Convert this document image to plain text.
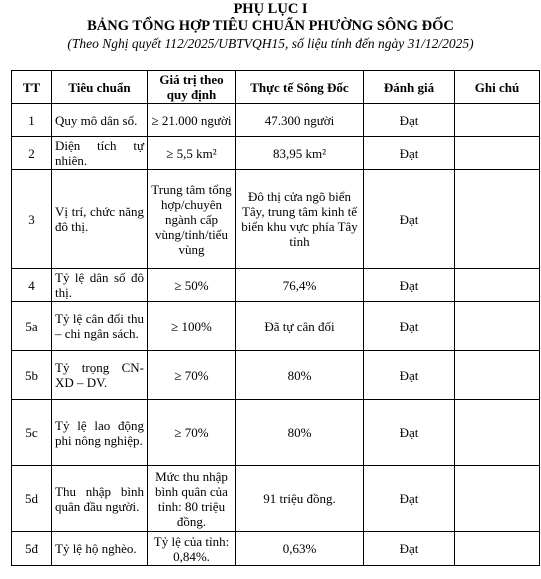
PHỤ LỤC I
BẢNG TỔNG HỢP TIÊU CHUẨN PHƯỜNG SÔNG ĐỐC
(Theo Nghị quyết 112/2025/UBTVQH15, số liệu tính đến ngày 31/12/2025)
TT	Tiêu chuẩn	Giá trị theo quy định	Thực tế Sông Đốc	Đánh giá	Ghi chú
1	Quy mô dân số.	≥ 21.000 người	47.300 người	Đạt	
2	Diện tích tự nhiên.	≥ 5,5 km²	83,95 km²	Đạt	
3	Vị trí, chức năng đô thị.	Trung tâm tổng hợp/chuyên ngành cấp vùng/tỉnh/tiểu vùng	Đô thị cửa ngõ biển Tây, trung tâm kinh tế biển khu vực phía Tây tỉnh	Đạt	
4	Tỷ lệ dân số đô thị.	≥ 50%	76,4%	Đạt	
5a	Tỷ lệ cân đối thu – chi ngân sách.	≥ 100%	Đã tự cân đối	Đạt	
5b	Tỷ trọng CN-XD – DV.	≥ 70%	80%	Đạt	
5c	Tỷ lệ lao động phi nông nghiệp.	≥ 70%	80%	Đạt	
5d	Thu nhập bình quân đầu người.	Mức thu nhập bình quân của tỉnh: 80 triệu đồng.	91 triệu đồng.	Đạt	
5đ	Tỷ lệ hộ nghèo.	Tỷ lệ của tỉnh: 0,84%.	0,63%	Đạt	
